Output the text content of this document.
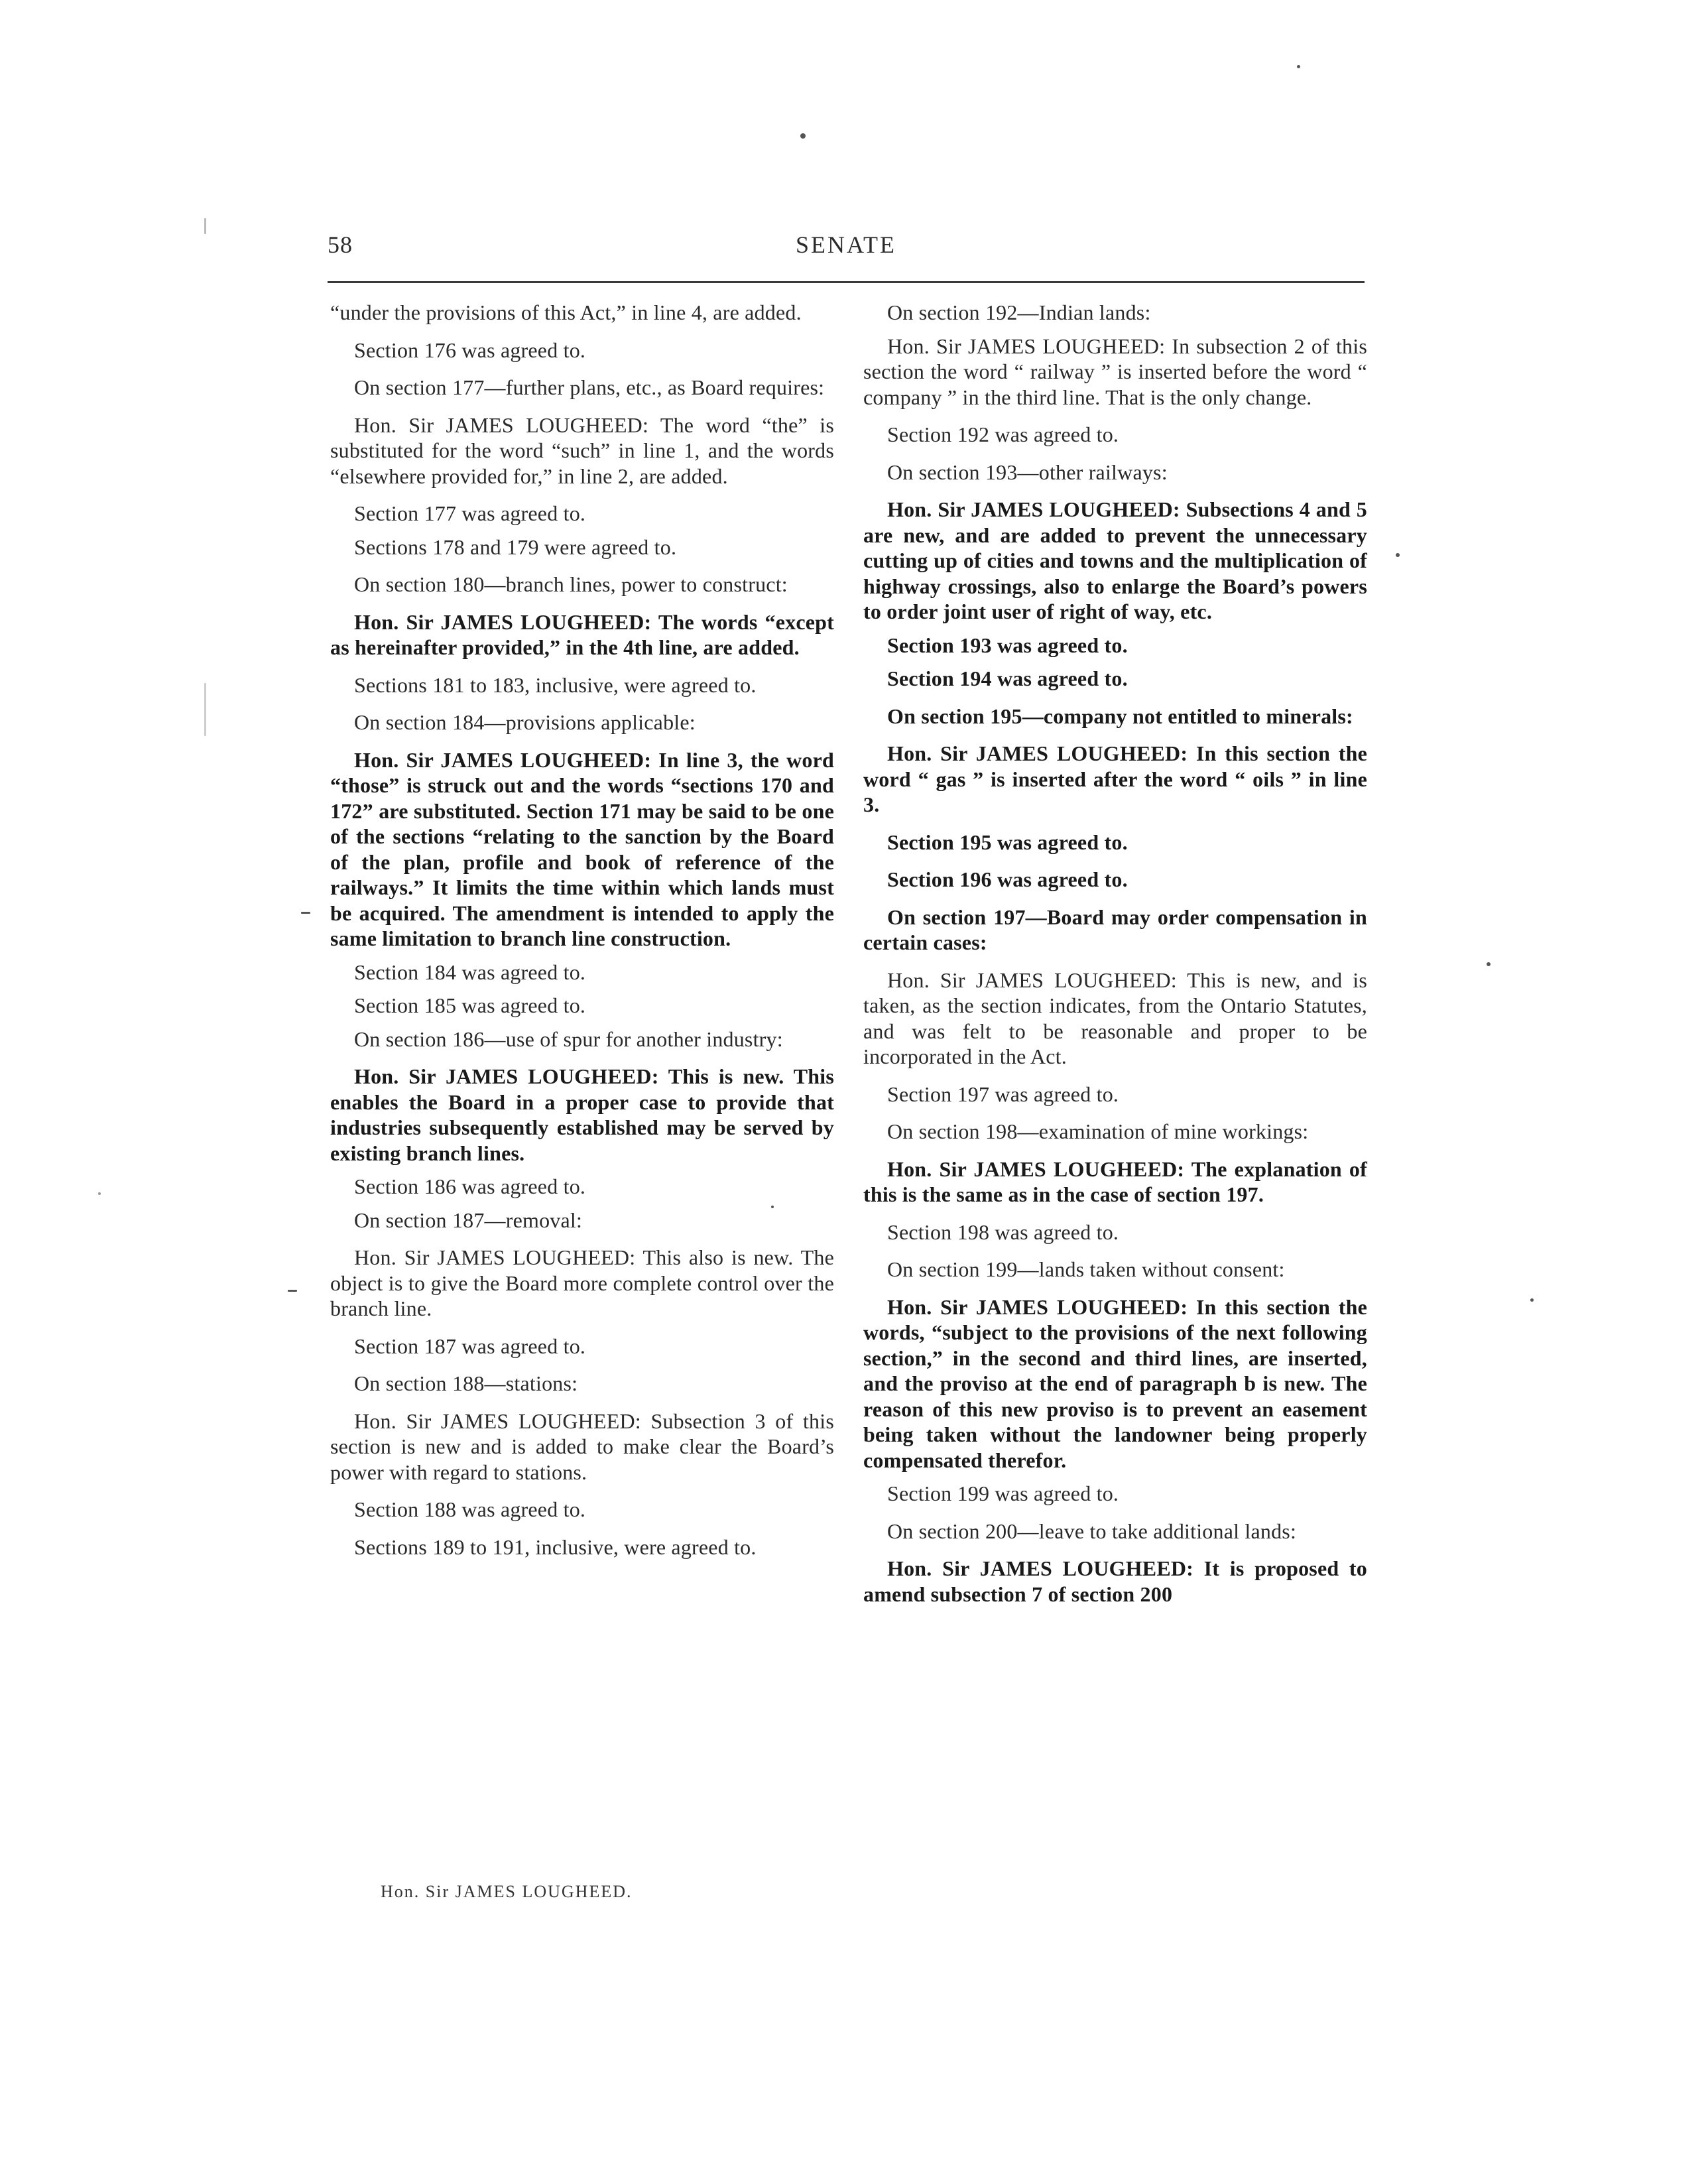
58	SENATE

“under the provisions of this Act,” in line 4, are added.

Section 176 was agreed to.

On section 177—further plans, etc., as Board requires:

Hon. Sir JAMES LOUGHEED: The word “the” is substituted for the word “such” in line 1, and the words “elsewhere provided for,” in line 2, are added.

Section 177 was agreed to.

Sections 178 and 179 were agreed to.

On section 180—branch lines, power to construct:

Hon. Sir JAMES LOUGHEED: The words “except as hereinafter provided,” in the 4th line, are added.

Sections 181 to 183, inclusive, were agreed to.

On section 184—provisions applicable:

Hon. Sir JAMES LOUGHEED: In line 3, the word “those” is struck out and the words “sections 170 and 172” are substituted. Section 171 may be said to be one of the sections “relating to the sanction by the Board of the plan, profile and book of reference of the railways.” It limits the time within which lands must be acquired. The amendment is intended to apply the same limitation to branch line construction.

Section 184 was agreed to.

Section 185 was agreed to.

On section 186—use of spur for another industry:

Hon. Sir JAMES LOUGHEED: This is new. This enables the Board in a proper case to provide that industries subsequently established may be served by existing branch lines.

Section 186 was agreed to.

On section 187—removal:

Hon. Sir JAMES LOUGHEED: This also is new. The object is to give the Board more complete control over the branch line.

Section 187 was agreed to.

On section 188—stations:

Hon. Sir JAMES LOUGHEED: Subsection 3 of this section is new and is added to make clear the Board’s power with regard to stations.

Section 188 was agreed to.

Sections 189 to 191, inclusive, were agreed to.

On section 192—Indian lands:

Hon. Sir JAMES LOUGHEED: In subsection 2 of this section the word “ railway ” is inserted before the word “ company ” in the third line. That is the only change.

Section 192 was agreed to.

On section 193—other railways:

Hon. Sir JAMES LOUGHEED: Subsections 4 and 5 are new, and are added to prevent the unnecessary cutting up of cities and towns and the multiplication of highway crossings, also to enlarge the Board’s powers to order joint user of right of way, etc.

Section 193 was agreed to.

Section 194 was agreed to.

On section 195—company not entitled to minerals:

Hon. Sir JAMES LOUGHEED: In this section the word “ gas ” is inserted after the word “ oils ” in line 3.

Section 195 was agreed to.

Section 196 was agreed to.

On section 197—Board may order compensation in certain cases:

Hon. Sir JAMES LOUGHEED: This is new, and is taken, as the section indicates, from the Ontario Statutes, and was felt to be reasonable and proper to be incorporated in the Act.

Section 197 was agreed to.

On section 198—examination of mine workings:

Hon. Sir JAMES LOUGHEED: The explanation of this is the same as in the case of section 197.

Section 198 was agreed to.

On section 199—lands taken without consent:

Hon. Sir JAMES LOUGHEED: In this section the words, “subject to the provisions of the next following section,” in the second and third lines, are inserted, and the proviso at the end of paragraph b is new. The reason of this new proviso is to prevent an easement being taken without the landowner being properly compensated therefor.

Section 199 was agreed to.

On section 200—leave to take additional lands:

Hon. Sir JAMES LOUGHEED: It is proposed to amend subsection 7 of section 200

Hon. Sir JAMES LOUGHEED.
